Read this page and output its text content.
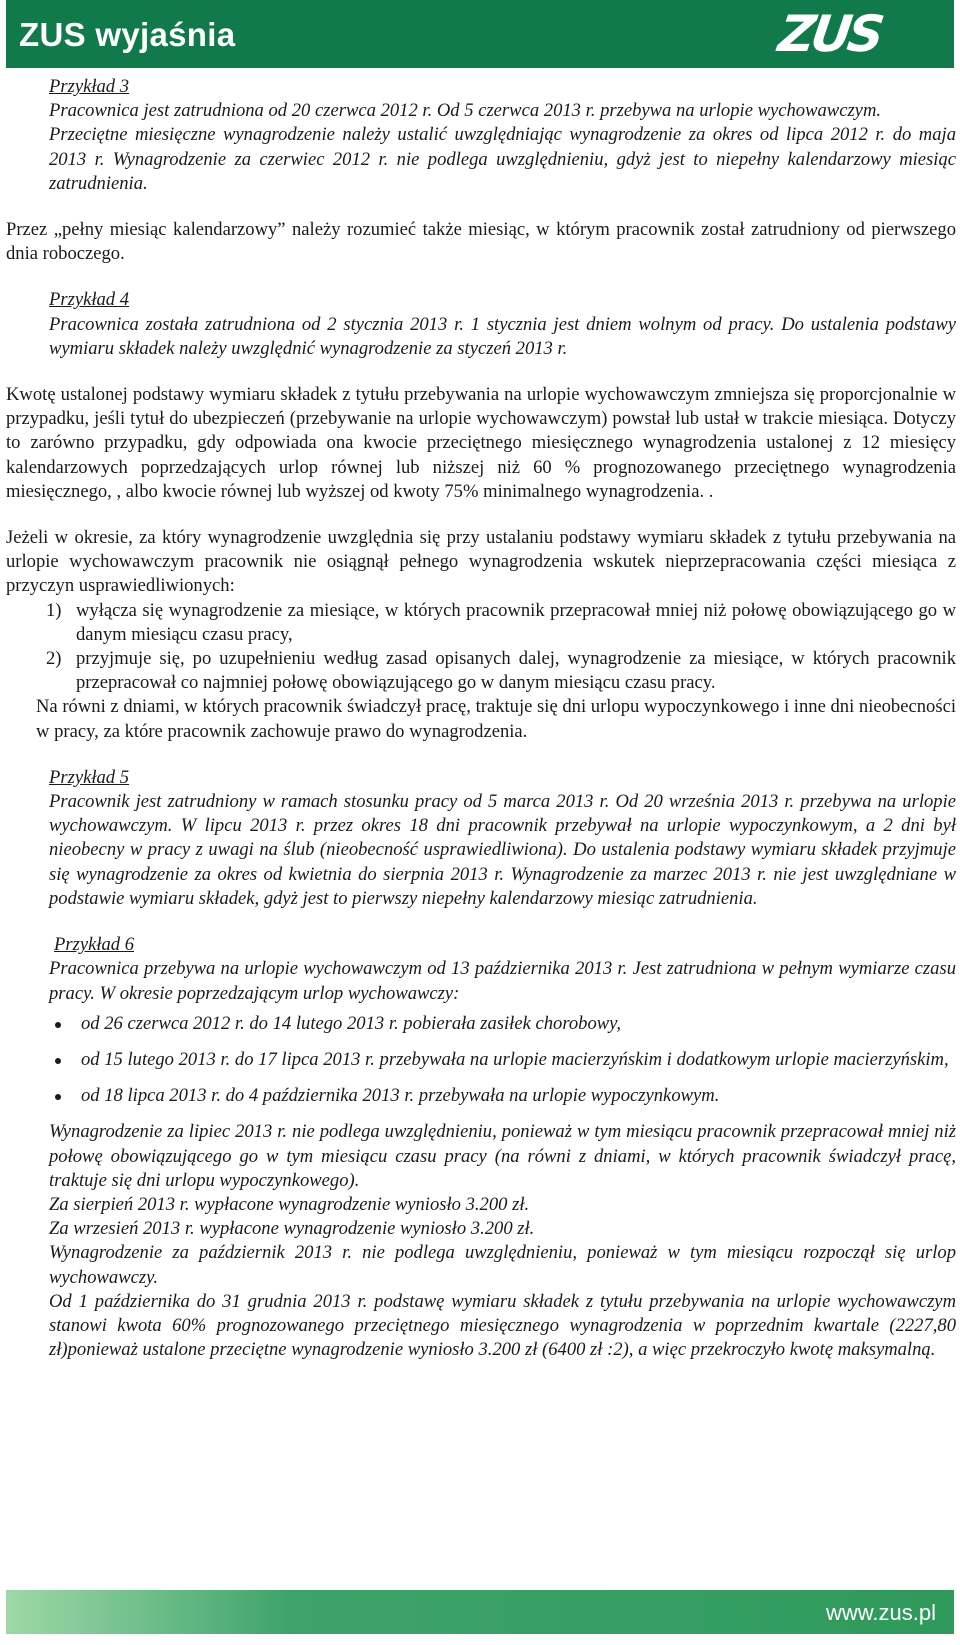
ZUS wyjaśnia	ZUS

Przykład 3

Pracownica jest zatrudniona od 20 czerwca 2012 r. Od 5 czerwca 2013 r. przebywa na urlopie wychowawczym.

Przeciętne miesięczne wynagrodzenie należy ustalić uwzględniając wynagrodzenie za okres od lipca 2012 r. do maja 2013 r. Wynagrodzenie za czerwiec 2012 r. nie podlega uwzględnieniu, gdyż jest to niepełny kalendarzowy miesiąc zatrudnienia.

Przez „pełny miesiąc kalendarzowy” należy rozumieć także miesiąc, w którym pracownik został zatrudniony od pierwszego dnia roboczego.

Przykład 4

Pracownica została zatrudniona od 2 stycznia 2013 r. 1 stycznia jest dniem wolnym od pracy. Do ustalenia podstawy wymiaru składek należy uwzględnić wynagrodzenie za styczeń 2013 r.

Kwotę ustalonej podstawy wymiaru składek z tytułu przebywania na urlopie wychowawczym zmniejsza się proporcjonalnie w przypadku, jeśli tytuł do ubezpieczeń (przebywanie na urlopie wychowawczym) powstał lub ustał w trakcie miesiąca. Dotyczy to zarówno przypadku, gdy odpowiada ona kwocie przeciętnego miesięcznego wynagrodzenia ustalonej z 12 miesięcy kalendarzowych poprzedzających urlop równej lub niższej niż 60 % prognozowanego przeciętnego wynagrodzenia miesięcznego, , albo kwocie równej lub wyższej od kwoty 75% minimalnego wynagrodzenia. .

Jeżeli w okresie, za który wynagrodzenie uwzględnia się przy ustalaniu podstawy wymiaru składek z tytułu przebywania na urlopie wychowawczym pracownik nie osiągnął pełnego wynagrodzenia wskutek nieprzepracowania części miesiąca z przyczyn usprawiedliwionych:

1) wyłącza się wynagrodzenie za miesiące, w których pracownik przepracował mniej niż połowę obowiązującego go w danym miesiącu czasu pracy,
2) przyjmuje się, po uzupełnieniu według zasad opisanych dalej, wynagrodzenie za miesiące, w których pracownik przepracował co najmniej połowę obowiązującego go w danym miesiącu czasu pracy.

Na równi z dniami, w których pracownik świadczył pracę, traktuje się dni urlopu wypoczynkowego i inne dni nieobecności w pracy, za które pracownik zachowuje prawo do wynagrodzenia.

Przykład 5

Pracownik jest zatrudniony w ramach stosunku pracy od 5 marca 2013 r. Od 20 września 2013 r. przebywa na urlopie wychowawczym. W lipcu 2013 r. przez okres 18 dni pracownik przebywał na urlopie wypoczynkowym, a 2 dni był nieobecny w pracy z uwagi na ślub (nieobecność usprawiedliwiona). Do ustalenia podstawy wymiaru składek przyjmuje się wynagrodzenie za okres od kwietnia do sierpnia 2013 r. Wynagrodzenie za marzec 2013 r. nie jest uwzględniane w podstawie wymiaru składek, gdyż jest to pierwszy niepełny kalendarzowy miesiąc zatrudnienia.

Przykład 6

Pracownica przebywa na urlopie wychowawczym od 13 października 2013 r. Jest zatrudniona w pełnym wymiarze czasu pracy. W okresie poprzedzającym urlop wychowawczy:

od 26 czerwca 2012 r. do 14 lutego 2013 r. pobierała zasiłek chorobowy,
od 15 lutego 2013 r. do 17 lipca 2013 r. przebywała na urlopie macierzyńskim i dodatkowym urlopie macierzyńskim,
od 18 lipca 2013 r. do 4 października 2013 r. przebywała na urlopie wypoczynkowym.

Wynagrodzenie za lipiec 2013 r. nie podlega uwzględnieniu, ponieważ w tym miesiącu pracownik przepracował mniej niż połowę obowiązującego go w tym miesiącu czasu pracy (na równi z dniami, w których pracownik świadczył pracę, traktuje się dni urlopu wypoczynkowego).

Za sierpień 2013 r. wypłacone wynagrodzenie wyniosło 3.200 zł.

Za wrzesień 2013 r. wypłacone wynagrodzenie wyniosło 3.200 zł.

Wynagrodzenie za październik 2013 r. nie podlega uwzględnieniu, ponieważ w tym miesiącu rozpoczął się urlop wychowawczy.

Od 1 października do 31 grudnia 2013 r. podstawę wymiaru składek z tytułu przebywania na urlopie wychowawczym stanowi kwota 60% prognozowanego przeciętnego miesięcznego wynagrodzenia w poprzednim kwartale (2227,80 zł)ponieważ ustalone przeciętne wynagrodzenie wyniosło 3.200 zł (6400 zł :2), a więc przekroczyło kwotę maksymalną.

www.zus.pl
